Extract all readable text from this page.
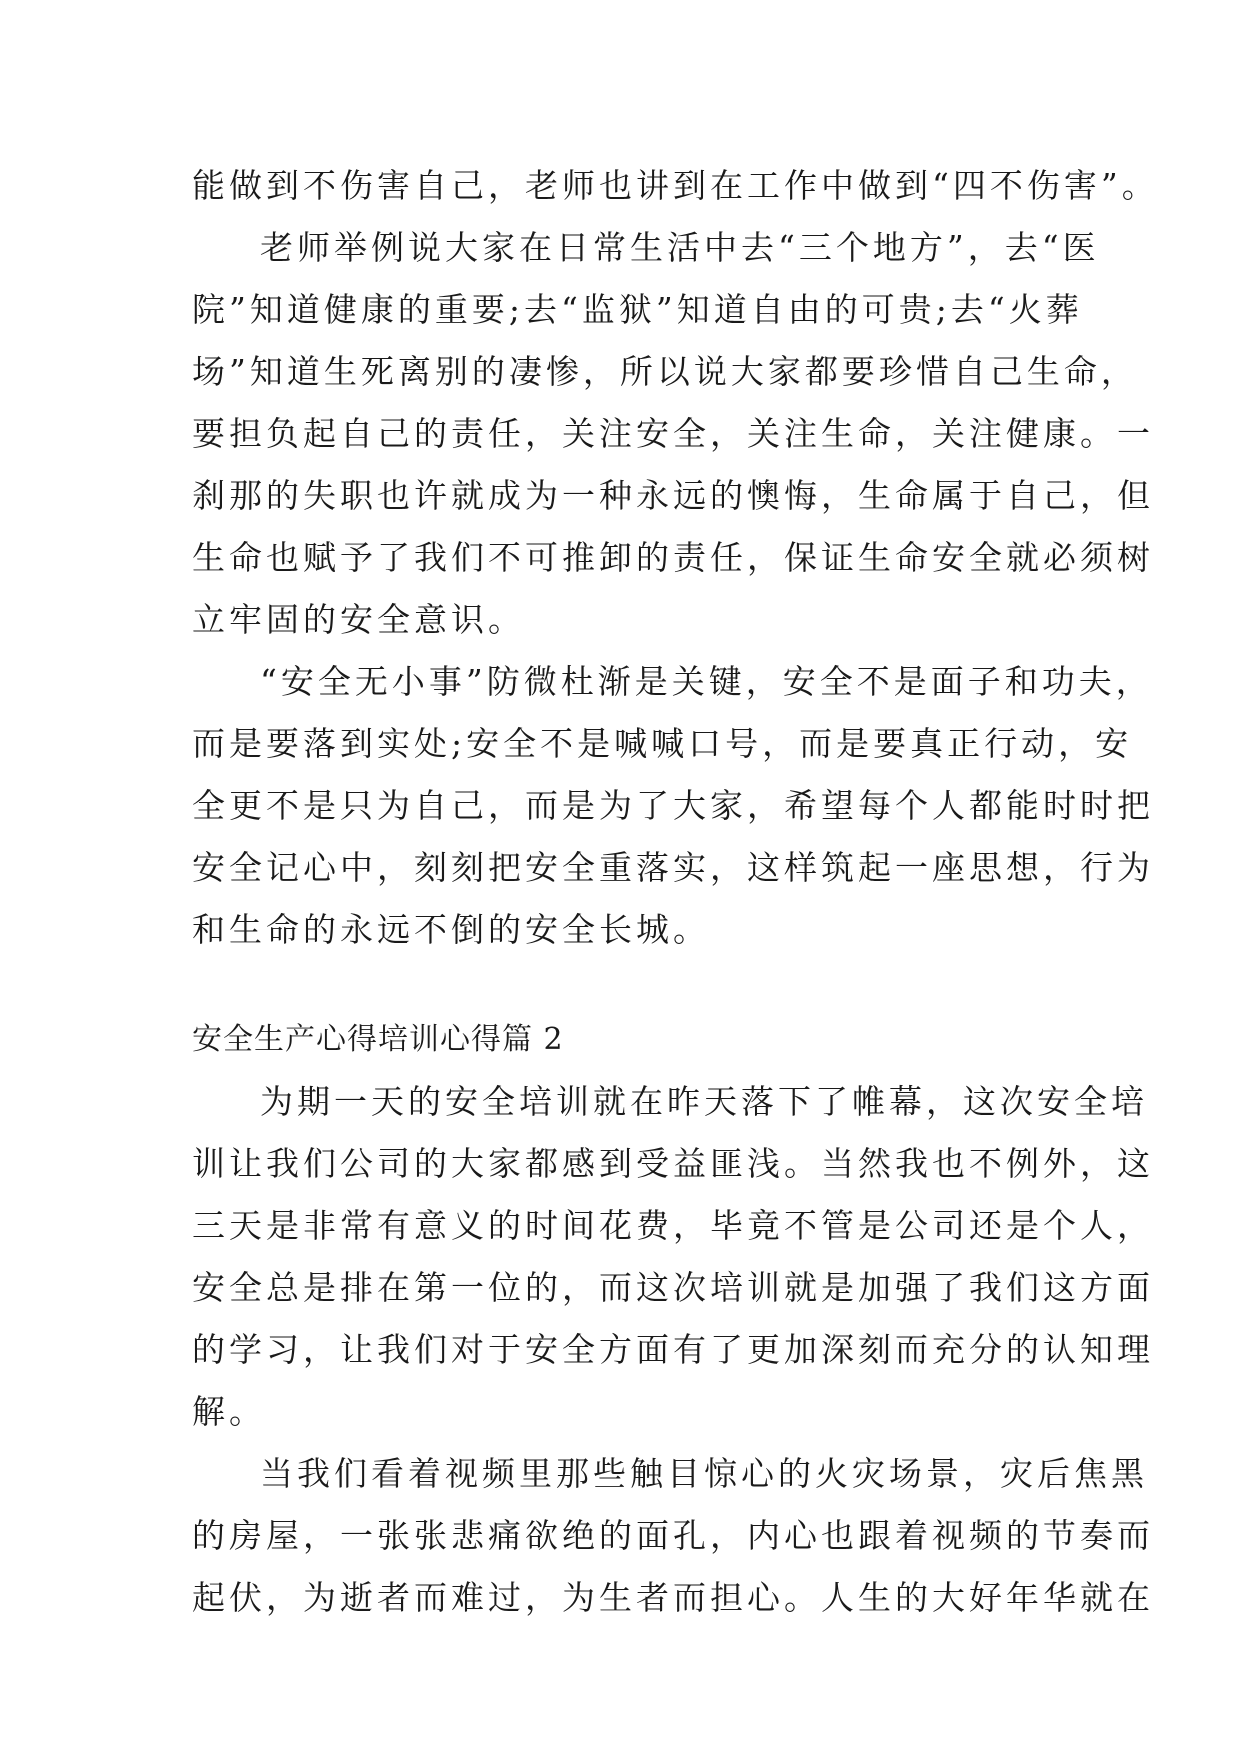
能做到不伤害自己，老师也讲到在工作中做到“四不伤害”。
老师举例说大家在日常生活中去“三个地方”，去“医
院”知道健康的重要;去“监狱”知道自由的可贵;去“火葬
场”知道生死离别的凄惨，所以说大家都要珍惜自己生命，
要担负起自己的责任，关注安全，关注生命，关注健康。一
刹那的失职也许就成为一种永远的懊悔，生命属于自己，但
生命也赋予了我们不可推卸的责任，保证生命安全就必须树
立牢固的安全意识。
“安全无小事”防微杜渐是关键，安全不是面子和功夫，
而是要落到实处;安全不是喊喊口号，而是要真正行动，安
全更不是只为自己，而是为了大家，希望每个人都能时时把
安全记心中，刻刻把安全重落实，这样筑起一座思想，行为
和生命的永远不倒的安全长城。
安全生产心得培训心得篇 2
为期一天的安全培训就在昨天落下了帷幕，这次安全培
训让我们公司的大家都感到受益匪浅。当然我也不例外，这
三天是非常有意义的时间花费，毕竟不管是公司还是个人，
安全总是排在第一位的，而这次培训就是加强了我们这方面
的学习，让我们对于安全方面有了更加深刻而充分的认知理
解。
当我们看着视频里那些触目惊心的火灾场景，灾后焦黑
的房屋，一张张悲痛欲绝的面孔，内心也跟着视频的节奏而
起伏，为逝者而难过，为生者而担心。人生的大好年华就在
